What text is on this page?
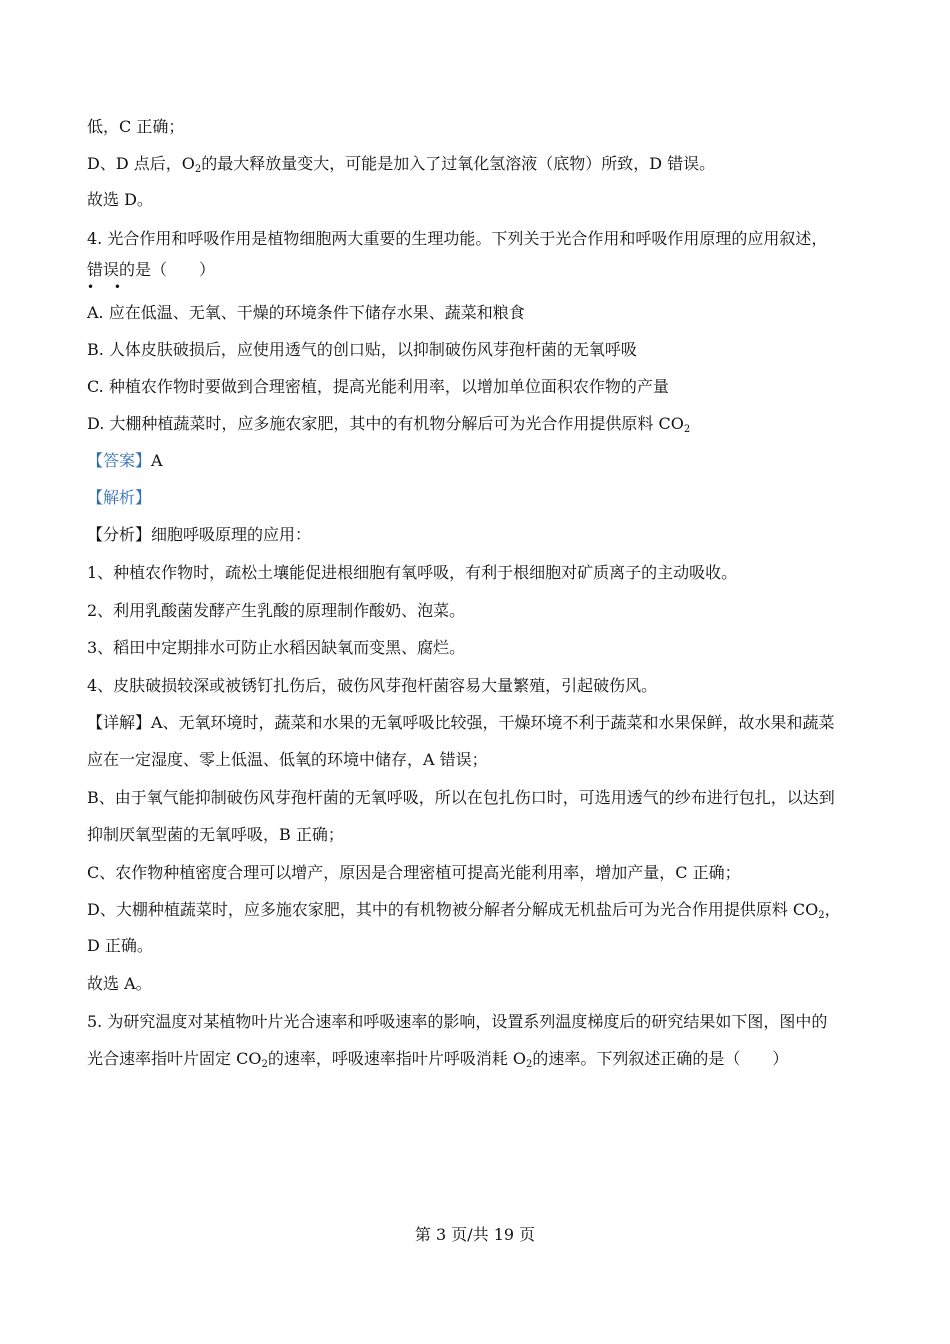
低，C 正确；
D、D 点后，$O_2$的最大释放量变大，可能是加入了过氧化氢溶液（底物）所致，D 错误。
故选 D。
4. 光合作用和呼吸作用是植物细胞两大重要的生理功能。下列关于光合作用和呼吸作用原理的应用叙述，
错误的是（　　）
• •
A. 应在低温、无氧、干燥的环境条件下储存水果、蔬菜和粮食
B. 人体皮肤破损后，应使用透气的创口贴，以抑制破伤风芽孢杆菌的无氧呼吸
C. 种植农作物时要做到合理密植，提高光能利用率，以增加单位面积农作物的产量
D. 大棚种植蔬菜时，应多施农家肥，其中的有机物分解后可为光合作用提供原料 $CO_2$
【答案】A
【解析】
【分析】细胞呼吸原理的应用：
1、种植农作物时，疏松土壤能促进根细胞有氧呼吸，有利于根细胞对矿质离子的主动吸收。
2、利用乳酸菌发酵产生乳酸的原理制作酸奶、泡菜。
3、稻田中定期排水可防止水稻因缺氧而变黑、腐烂。
4、皮肤破损较深或被锈钉扎伤后，破伤风芽孢杆菌容易大量繁殖，引起破伤风。
【详解】A、无氧环境时，蔬菜和水果的无氧呼吸比较强，干燥环境不利于蔬菜和水果保鲜，故水果和蔬菜
应在一定湿度、零上低温、低氧的环境中储存，A 错误；
B、由于氧气能抑制破伤风芽孢杆菌的无氧呼吸，所以在包扎伤口时，可选用透气的纱布进行包扎，以达到
抑制厌氧型菌的无氧呼吸，B 正确；
C、农作物种植密度合理可以增产，原因是合理密植可提高光能利用率，增加产量，C 正确；
D、大棚种植蔬菜时，应多施农家肥，其中的有机物被分解者分解成无机盐后可为光合作用提供原料 $CO_2$，
D 正确。
故选 A。
5. 为研究温度对某植物叶片光合速率和呼吸速率的影响，设置系列温度梯度后的研究结果如下图，图中的
光合速率指叶片固定 $CO_2$的速率，呼吸速率指叶片呼吸消耗 $O_2$的速率。下列叙述正确的是（　　）
第 3 页/共 19 页
